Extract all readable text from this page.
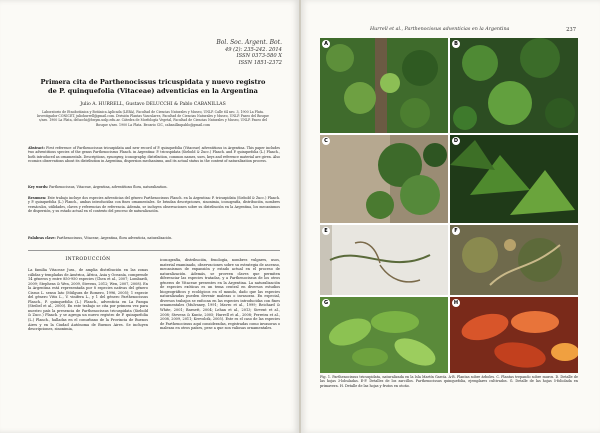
Bol. Soc. Argent. Bot.
49 (2): 235-242. 2014
ISSN 0373-580 X
ISSN 1851-2372
Primera cita de Parthenocissus tricuspidata y nuevo registro
de P. quinquefolia (Vitaceae) adventicias en la Argentina
Julio A. HURRELL, Gustavo DELUCCHI & Pablo CABANILLAS
Laboratorio de Etnobotánica y Botánica Aplicada (LEBA), Facultad de Ciencias Naturales y Museo, UNLP. Calle 64 nro. 3, 1900 La Plata. Investigador CONICET, juliohurrell@gmail.com. División Plantas Vasculares, Facultad de Ciencias Naturales y Museo, UNLP. Paseo del Bosque s/nro. 1900 La Plata, delucchi@fcnym.unlp.edu.ar. Cátedra de Morfología Vegetal, Facultad de Ciencias Naturales y Museo, UNLP. Paseo del Bosque s/nro. 1900 La Plata. Becario CIC, cabanillaspablo@gmail.com
Abstract: First reference of Parthenocissus tricuspidata and new record of P. quinquefolia (Vitaceae) adventitious in Argentina. This paper includes two adventitious species of the genus Parthenocissus Planch. in Argentina: P. tricuspidata (Siebold & Zucc.) Planch. and P. quinquefolia (L.) Planch., both introduced as ornamentals. Descriptions, synonymy, iconography, distribution, common names, uses, keys and reference material are given. Also ecomics observations about its distribution in Argentina, dispersion mechanisms, and its actual status in the context of naturalization process.
Key words: Parthenocissus, Vitaceae, Argentina, adventitious flora, naturalization.
Resumen: Este trabajo incluye dos especies adventicias del género Parthenocissus Planch. en la Argentina: P. tricuspidata (Siebold & Zucc.) Planch. y P. quinquefolia (L.) Planch., ambas introducidas con fines ornamentales. Se brindan descripciones, sinonimia, iconografía, distribución, nombres vernáculos, utilidades, claves y referencias de referencia. Además, se incluyen observaciones sobre su distribución en la Argentina, los mecanismos de dispersión, y su estado actual en el contexto del proceso de naturalización.
Palabras clave: Parthenocissus, Vitaceae, Argentina, flora adventicia, naturalización.
INTRODUCCIÓN
La familia Vitaceae Juss., de amplia distribución en las zonas cálidas y templadas de América, África, Asia y Oceanía, comprende 14 géneros y entre 850-950 especies (Chen et al., 2007; Lombardi, 2009; Stephens & Wen, 2009, Stevens, 2012; Wen, 2007, 2008). En la Argentina está representada por 8 especies nativas del género Cissus L. sensu lato (Múlgura de Romero, 1996, 2005); 1 especie del género Vitis L., V. vinifera L., y 1 del género Parthenocissus Planch., P. quinquefolia (L.) Planch., adventicia en La Pampa (Steibel et al., 2000). En este trabajo se cita por primera vez para nuestro país la presencia de Parthenocissus tricuspidata (Siebold & Zucc.) Planch. y se agrega un nuevo registro de P. quinquefolia (L.) Planch., halladas en el conurbano de la Provincia de Buenos Aires y en la Ciudad Autónoma de Buenos Aires. Se incluyen descripciones, sinonimia,
iconografía, distribución, fenología, nombres vulgares, usos, material examinado, observaciones sobre su estrategia de ascenso, mecanismos de expansión y estado actual en el proceso de naturalización. Además, se proveen claves que permiten diferenciar las especies tratadas, y a Parthenocissus de los otros géneros de Vitaceae presentes en la Argentina. La naturalización de especies exóticas es un tema central en diversos estudios biogeográficos y ecológicos en el mundo, dado que las especies naturalizadas pueden devenir malezas o invasoras. En especial, diversos trabajos se enfocan en las especies introducidas con fines ornamentales (Mulvaney, 1991; Mavro et al., 1999; Reichard & White, 2001; Barnett, 2004; Lehan et al., 2013; Sirvent et al., 2008; Stevens & Kuntz, 2005; Hurrell et al., 2008; Ferreira et al., 2008, 2009, 2011; Krevolcik, 2005). Este es el caso de las especies de Parthenocissus aquí consideradas, registradas como invasoras o malezas en otros países, pese a que son valiosas ornamentales.
Hurrell et al., Parthenocissus adventicias en la Argentina	237
A	B
C	D
E	F
G	H
Fig. 1. Parthenocissus tricuspidata, naturalizada en la Isla Martín García. A-B. Plantas sobre árboles. C. Plantas trepando sobre muros. D. Detalle de las hojas 3-lobuladas. E-F. Detalles de los zarcillos. Parthenocissus quinquefolia, ejemplares cultivados. G. Detalle de las hojas 5-foliolada en primavera. H. Detalle de las hojas y frutos en otoño.
